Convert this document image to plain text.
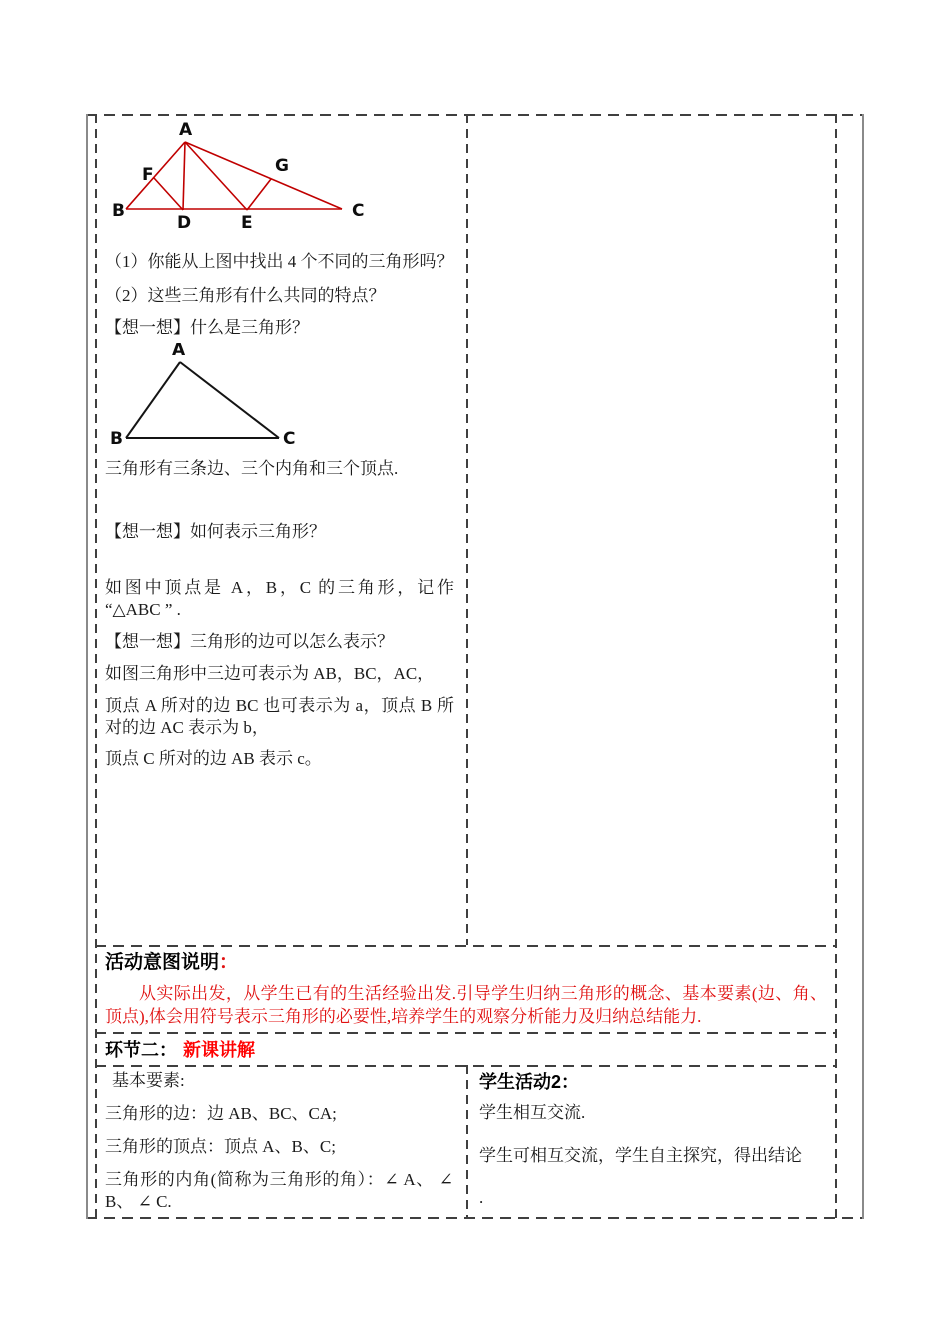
A
F	G
B
D	E
C

（1）你能从上图中找出 4 个不同的三角形吗？

（2）这些三角形有什么共同的特点？

【想一想】什么是三角形？

A
B	C

三角形有三条边、三个内角和三个顶点.

【想一想】如何表示三角形？

如图中顶点是 A，B，C 的三角形，记作 “△ABC ” .

【想一想】三角形的边可以怎么表示？

如图三角形中三边可表示为 AB，BC，AC，

顶点 A 所对的边 BC 也可表示为 a，顶点 B 所对的边 AC 表示为 b，

顶点 C 所对的边 AB 表示 c。

活动意图说明：

从实际出发，从学生已有的生活经验出发.引导学生归纳三角形的概念、基本要素(边、角、顶点),体会用符号表示三角形的必要性,培养学生的观察分析能力及归纳总结能力.

环节二： 新课讲解

基本要素:

三角形的边：边 AB、BC、CA;

三角形的顶点：顶点 A、B、C;

三角形的内角(简称为三角形的角）：∠ A、 ∠ B、 ∠ C.

学生活动2：

学生相互交流.

学生可相互交流，学生自主探究，得出结论

.
